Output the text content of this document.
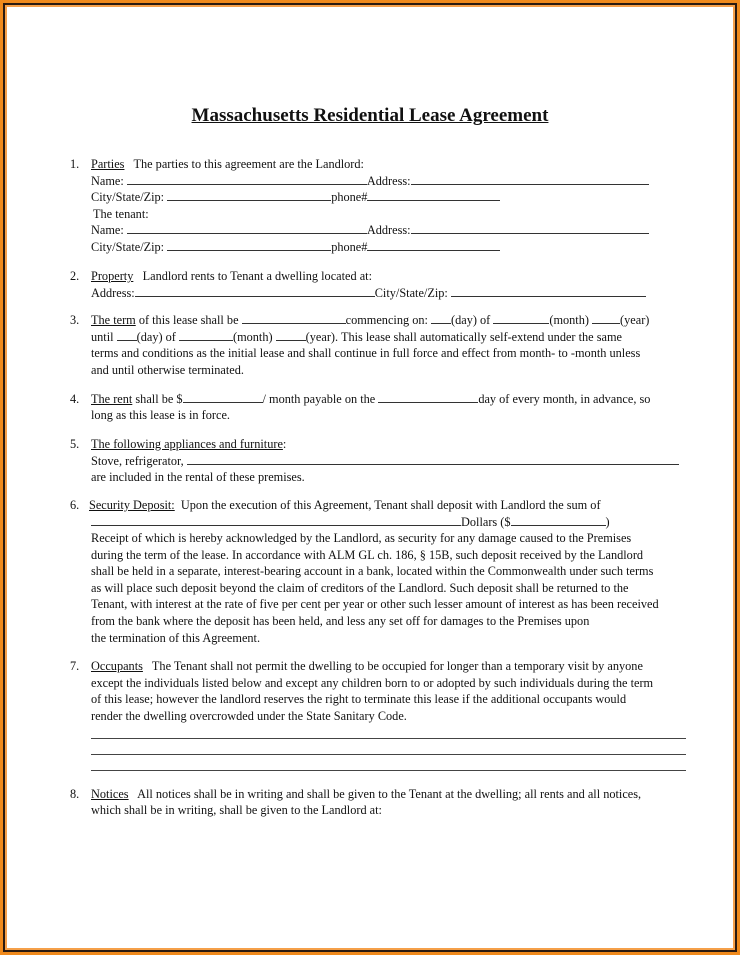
Massachusetts Residential Lease Agreement
1. Parties The parties to this agreement are the Landlord:
Name:	Address:
City/State/Zip:	phone#
The tenant:
Name:	Address:
City/State/Zip:	phone#
2. Property Landlord rents to Tenant a dwelling located at:
Address:	City/State/Zip:
3. The term of this lease shall be	commencing on: (day) of	(month)	(year)
until (day) of	(month)	(year). This lease shall automatically self-extend under the same
terms and conditions as the initial lease and shall continue in full force and effect from month- to -month unless
and until otherwise terminated.
4. The rent shall be $	/ month payable on the	day of every month, in advance, so
long as this lease is in force.
5. The following appliances and furniture:
Stove, refrigerator,
are included in the rental of these premises.
6. Security Deposit: Upon the execution of this Agreement, Tenant shall deposit with Landlord the sum of
Dollars ($	)
Receipt of which is hereby acknowledged by the Landlord, as security for any damage caused to the Premises
during the term of the lease. In accordance with ALM GL ch. 186, § 15B, such deposit received by the Landlord
shall be held in a separate, interest-bearing account in a bank, located within the Commonwealth under such terms
as will place such deposit beyond the claim of creditors of the Landlord. Such deposit shall be returned to the
Tenant, with interest at the rate of five per cent per year or other such lesser amount of interest as has been received
from the bank where the deposit has been held, and less any set off for damages to the Premises upon
the termination of this Agreement.
7. Occupants The Tenant shall not permit the dwelling to be occupied for longer than a temporary visit by anyone
except the individuals listed below and except any children born to or adopted by such individuals during the term
of this lease; however the landlord reserves the right to terminate this lease if the additional occupants would
render the dwelling overcrowded under the State Sanitary Code.
8. Notices All notices shall be in writing and shall be given to the Tenant at the dwelling; all rents and all notices,
which shall be in writing, shall be given to the Landlord at:
